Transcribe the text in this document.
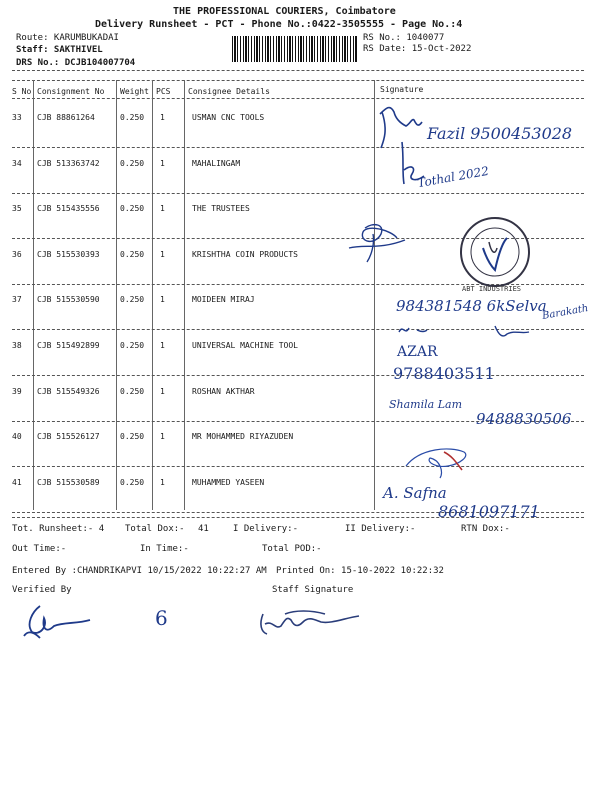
THE PROFESSIONAL COURIERS, Coimbatore
Delivery Runsheet - PCT - Phone No.:0422-3505555 - Page No.:4
Route: KARUMBUKADAI
Staff: SAKTHIVEL
DRS No.: DCJB104007704
RS No.: 1040077
RS Date: 15-Oct-2022
S No Consignment No Weight PCS Consignee Details	Signature
33 CJB 88861264	0.250 1	USMAN CNC TOOLS
34 CJB 513363742	0.250 1	MAHALINGAM
35 CJB 515435556	0.250 1	THE TRUSTEES
36 CJB 515530393	0.250 1	KRISHTHA COIN PRODUCTS
37 CJB 515530590	0.250 1	MOIDEEN MIRAJ
38 CJB 515492899	0.250 1	UNIVERSAL MACHINE TOOL
39 CJB 515549326	0.250 1	ROSHAN AKTHAR
40 CJB 515526127	0.250 1	MR MOHAMMED RIYAZUDEN
41 CJB 515530589	0.250 1	MUHAMMED YASEEN
Fazil 9500453028
Tothal 2022
ABT INDUSTRIES
984381548 6kSelva
Barakath
AZAR
9788403511
Shamila Lam
9488830506
A. Safna
8681097171
Tot. Runsheet:- 4 Total Dox:- 41	I Delivery:-	II Delivery:-	RTN Dox:-
Out Time:-	In Time:-	Total POD:-
Entered By :CHANDRIKAPVI 10/15/2022 10:22:27 AM Printed On: 15-10-2022 10:22:32
Verified By	Staff Signature
6
